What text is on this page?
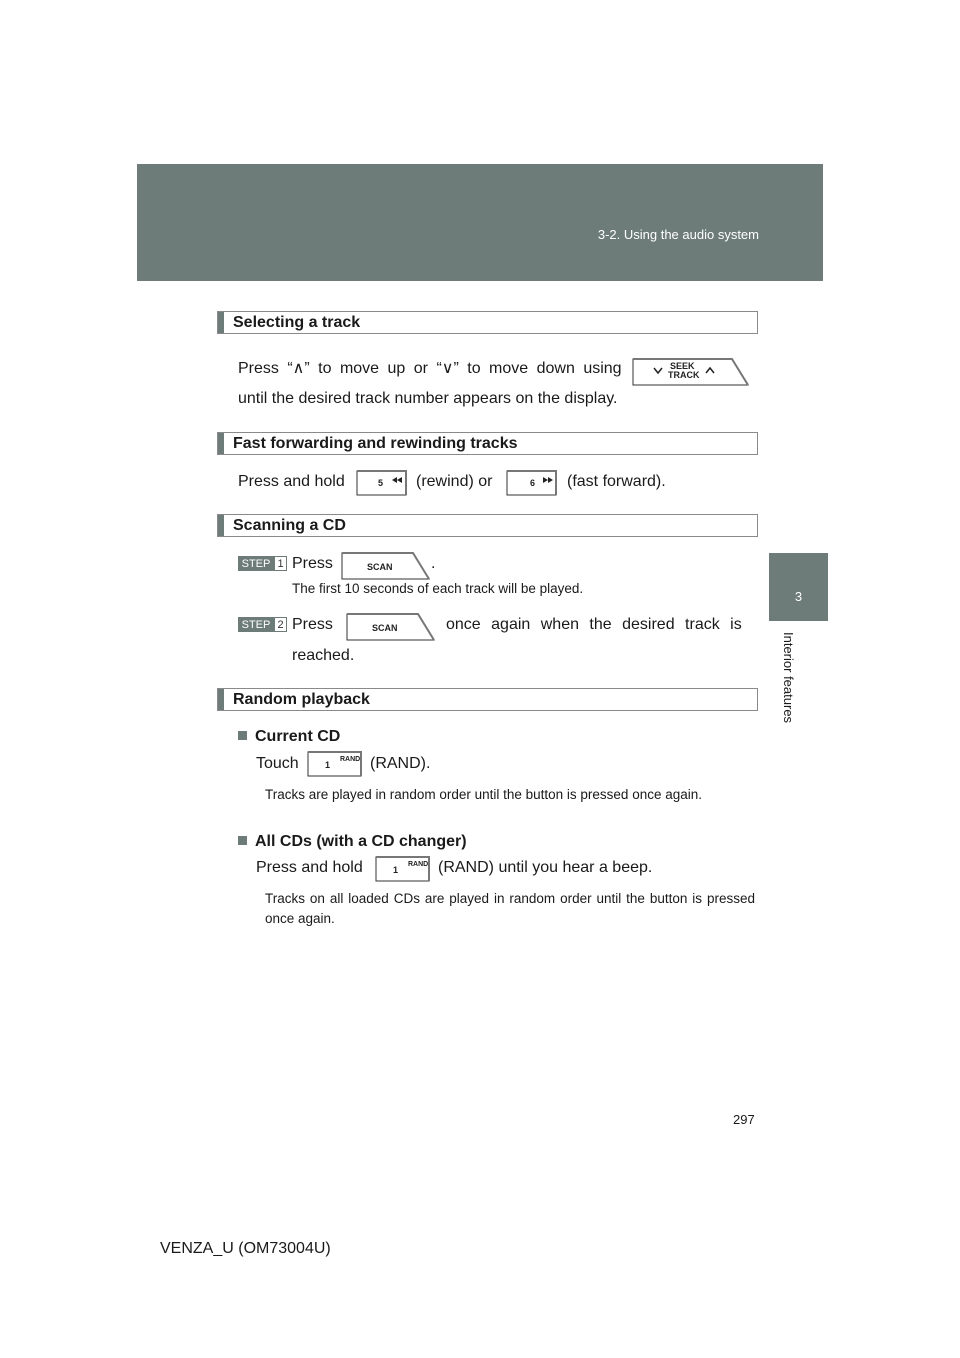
3-2. Using the audio system
3
Interior features
Selecting a track
Press “∧” to move up or “∨” to move down using	SEEK
TRACK
until the desired track number appears on the display.
Fast forwarding and rewinding tracks
Press and hold	5 (rewind) or	6 (fast forward).
Scanning a CD
STEP 1 Press	SCAN .
The first 10 seconds of each track will be played.
STEP 2 Press	SCAN	once again when the desired track is
reached.
Random playback
Current CD
Touch	1
RAND (RAND).
Tracks are played in random order until the button is pressed once again.
All CDs (with a CD changer)
Press and hold	1
RAND (RAND) until you hear a beep.
Tracks on all loaded CDs are played in random order until the button is pressed once again.
297
VENZA_U (OM73004U)
